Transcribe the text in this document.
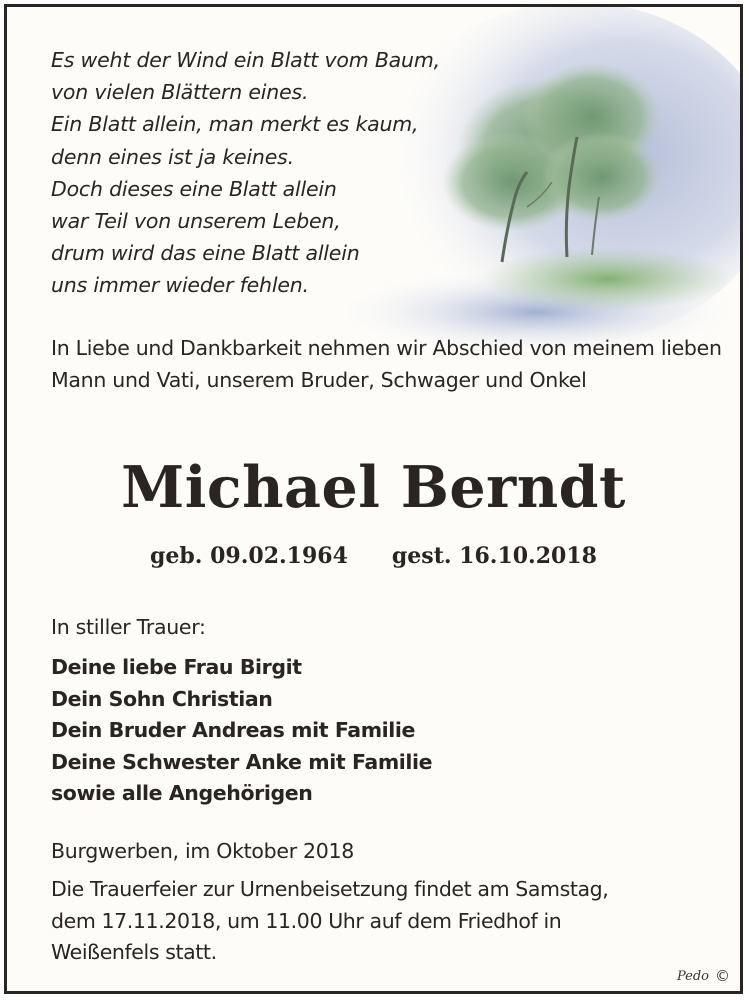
Es weht der Wind ein Blatt vom Baum,
von vielen Blättern eines.
Ein Blatt allein, man merkt es kaum,
denn eines ist ja keines.
Doch dieses eine Blatt allein
war Teil von unserem Leben,
drum wird das eine Blatt allein
uns immer wieder fehlen.

In Liebe und Dankbarkeit nehmen wir Abschied von meinem lieben Mann und Vati, unserem Bruder, Schwager und Onkel

Michael Berndt
geb. 09.02.1964 gest. 16.10.2018

In stiller Trauer:

Deine liebe Frau Birgit
Dein Sohn Christian
Dein Bruder Andreas mit Familie
Deine Schwester Anke mit Familie
sowie alle Angehörigen

Burgwerben, im Oktober 2018

Die Trauerfeier zur Urnenbeisetzung findet am Samstag,
dem 17.11.2018, um 11.00 Uhr auf dem Friedhof in
Weißenfels statt.
Pedo ©
